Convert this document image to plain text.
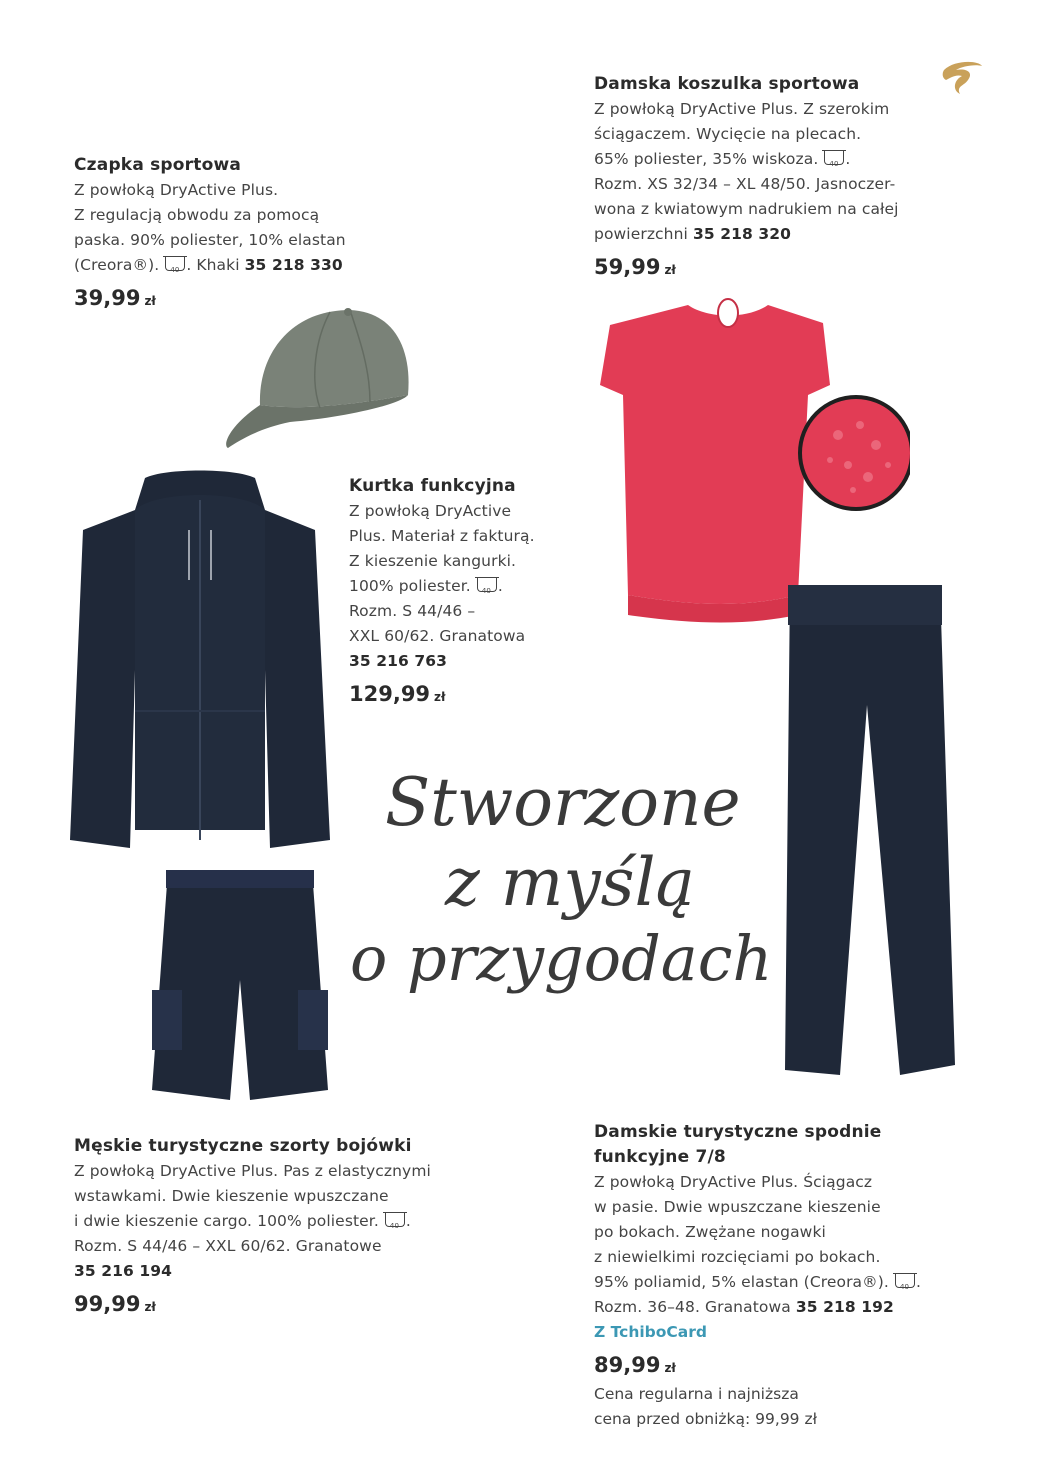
Czapka sportowa
Z powłoką DryActive Plus.
Z regulacją obwodu za pomocą
paska. 90% poliester, 10% elastan
(Creora®). 40 . Khaki 35 218 330
39,99 zł
Damska koszulka sportowa
Z powłoką DryActive Plus. Z szerokim
ściągaczem. Wycięcie na plecach.
65% poliester, 35% wiskoza. 40 .
Rozm. XS 32/34 – XL 48/50. Jasnoczer-
wona z kwiatowym nadrukiem na całej
powierzchni 35 218 320
59,99 zł
Kurtka funkcyjna
Z powłoką DryActive
Plus. Materiał z fakturą.
Z kieszenie kangurki.
100% poliester. 40 .
Rozm. S 44/46 –
XXL 60/62. Granatowa
35 216 763
129,99 zł
Stworzone
z myślą
o przygodach
Męskie turystyczne szorty bojówki
Z powłoką DryActive Plus. Pas z elastycznymi
wstawkami. Dwie kieszenie wpuszczane
i dwie kieszenie cargo. 100% poliester. 40 .
Rozm. S 44/46 – XXL 60/62. Granatowe
35 216 194
99,99 zł
Damskie turystyczne spodnie
funkcyjne 7/8
Z powłoką DryActive Plus. Ściągacz
w pasie. Dwie wpuszczane kieszenie
po bokach. Zwężane nogawki
z niewielkimi rozcięciami po bokach.
95% poliamid, 5% elastan (Creora®). 40 .
Rozm. 36–48. Granatowa 35 218 192
Z TchiboCard
89,99 zł
Cena regularna i najniższa
cena przed obniżką: 99,99 zł
